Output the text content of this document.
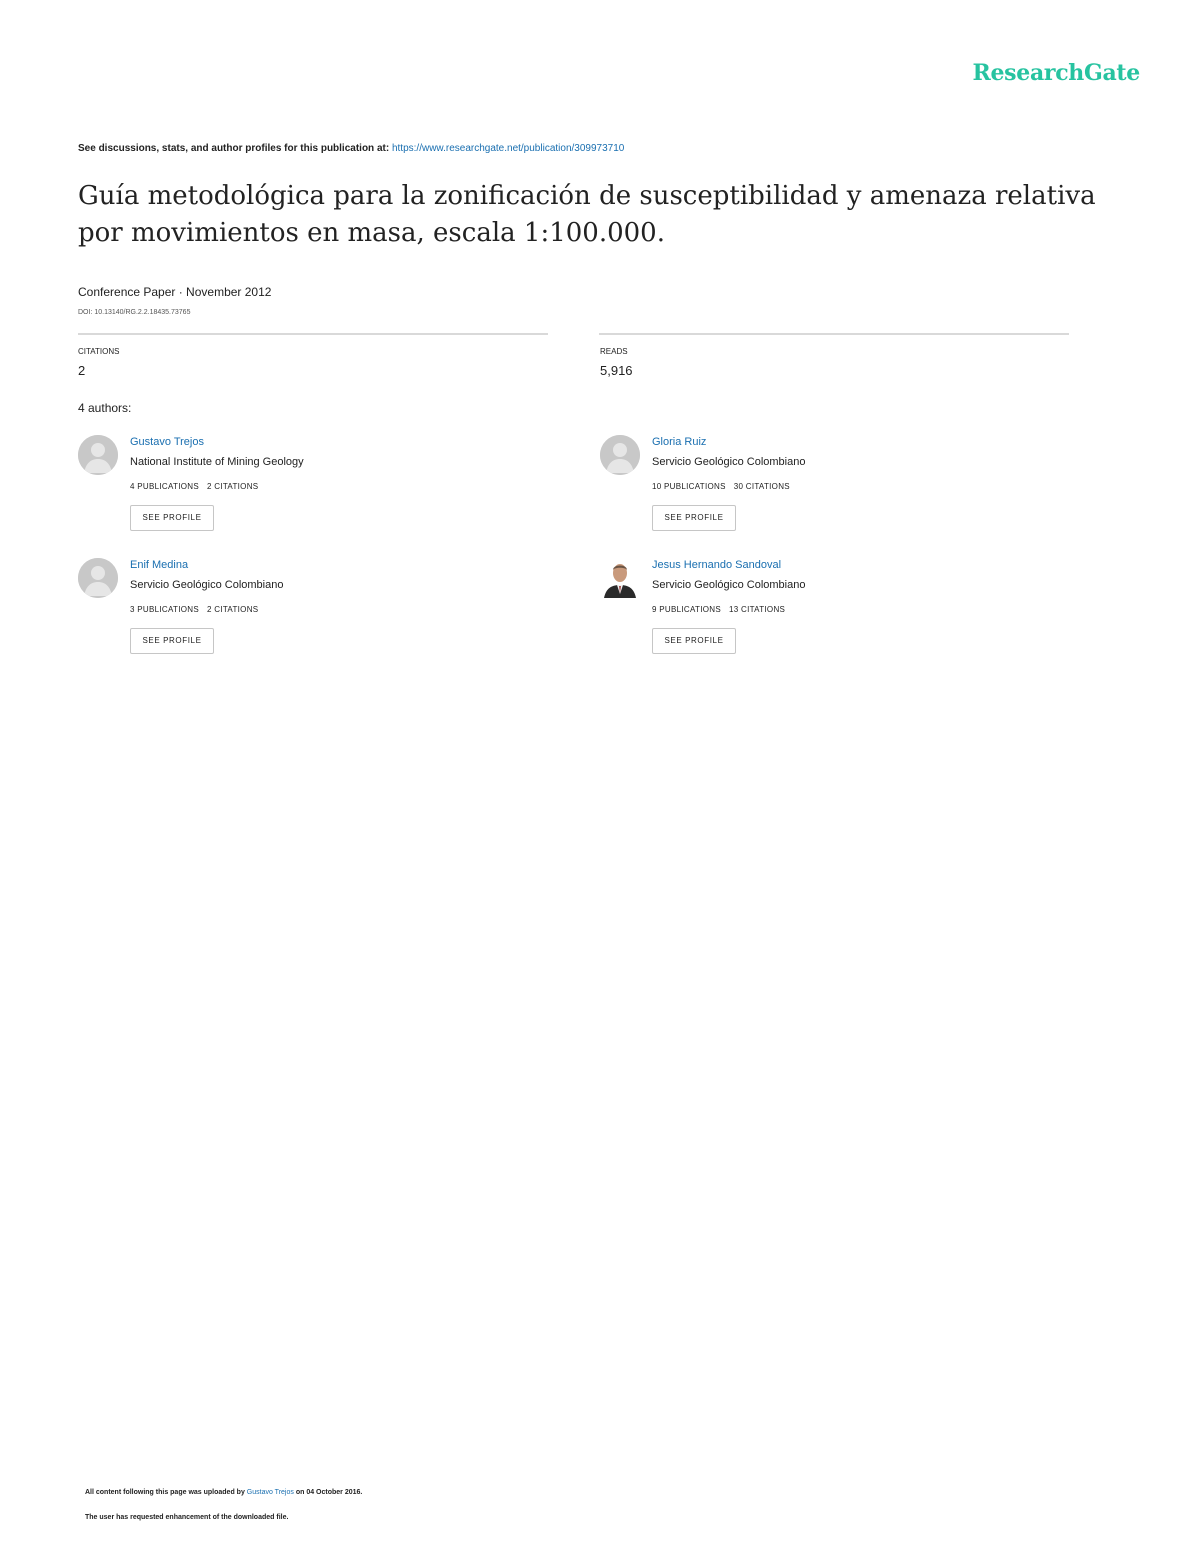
ResearchGate
See discussions, stats, and author profiles for this publication at: https://www.researchgate.net/publication/309973710
Guía metodológica para la zonificación de susceptibilidad y amenaza relativa por movimientos en masa, escala 1:100.000.
Conference Paper · November 2012
DOI: 10.13140/RG.2.2.18435.73765
CITATIONS
2
READS
5,916
4 authors:
Gustavo Trejos
National Institute of Mining Geology
4 PUBLICATIONS 2 CITATIONS
SEE PROFILE
Gloria Ruiz
Servicio Geológico Colombiano
10 PUBLICATIONS 30 CITATIONS
SEE PROFILE
Enif Medina
Servicio Geológico Colombiano
3 PUBLICATIONS 2 CITATIONS
SEE PROFILE
Jesus Hernando Sandoval
Servicio Geológico Colombiano
9 PUBLICATIONS 13 CITATIONS
SEE PROFILE
All content following this page was uploaded by Gustavo Trejos on 04 October 2016.
The user has requested enhancement of the downloaded file.
